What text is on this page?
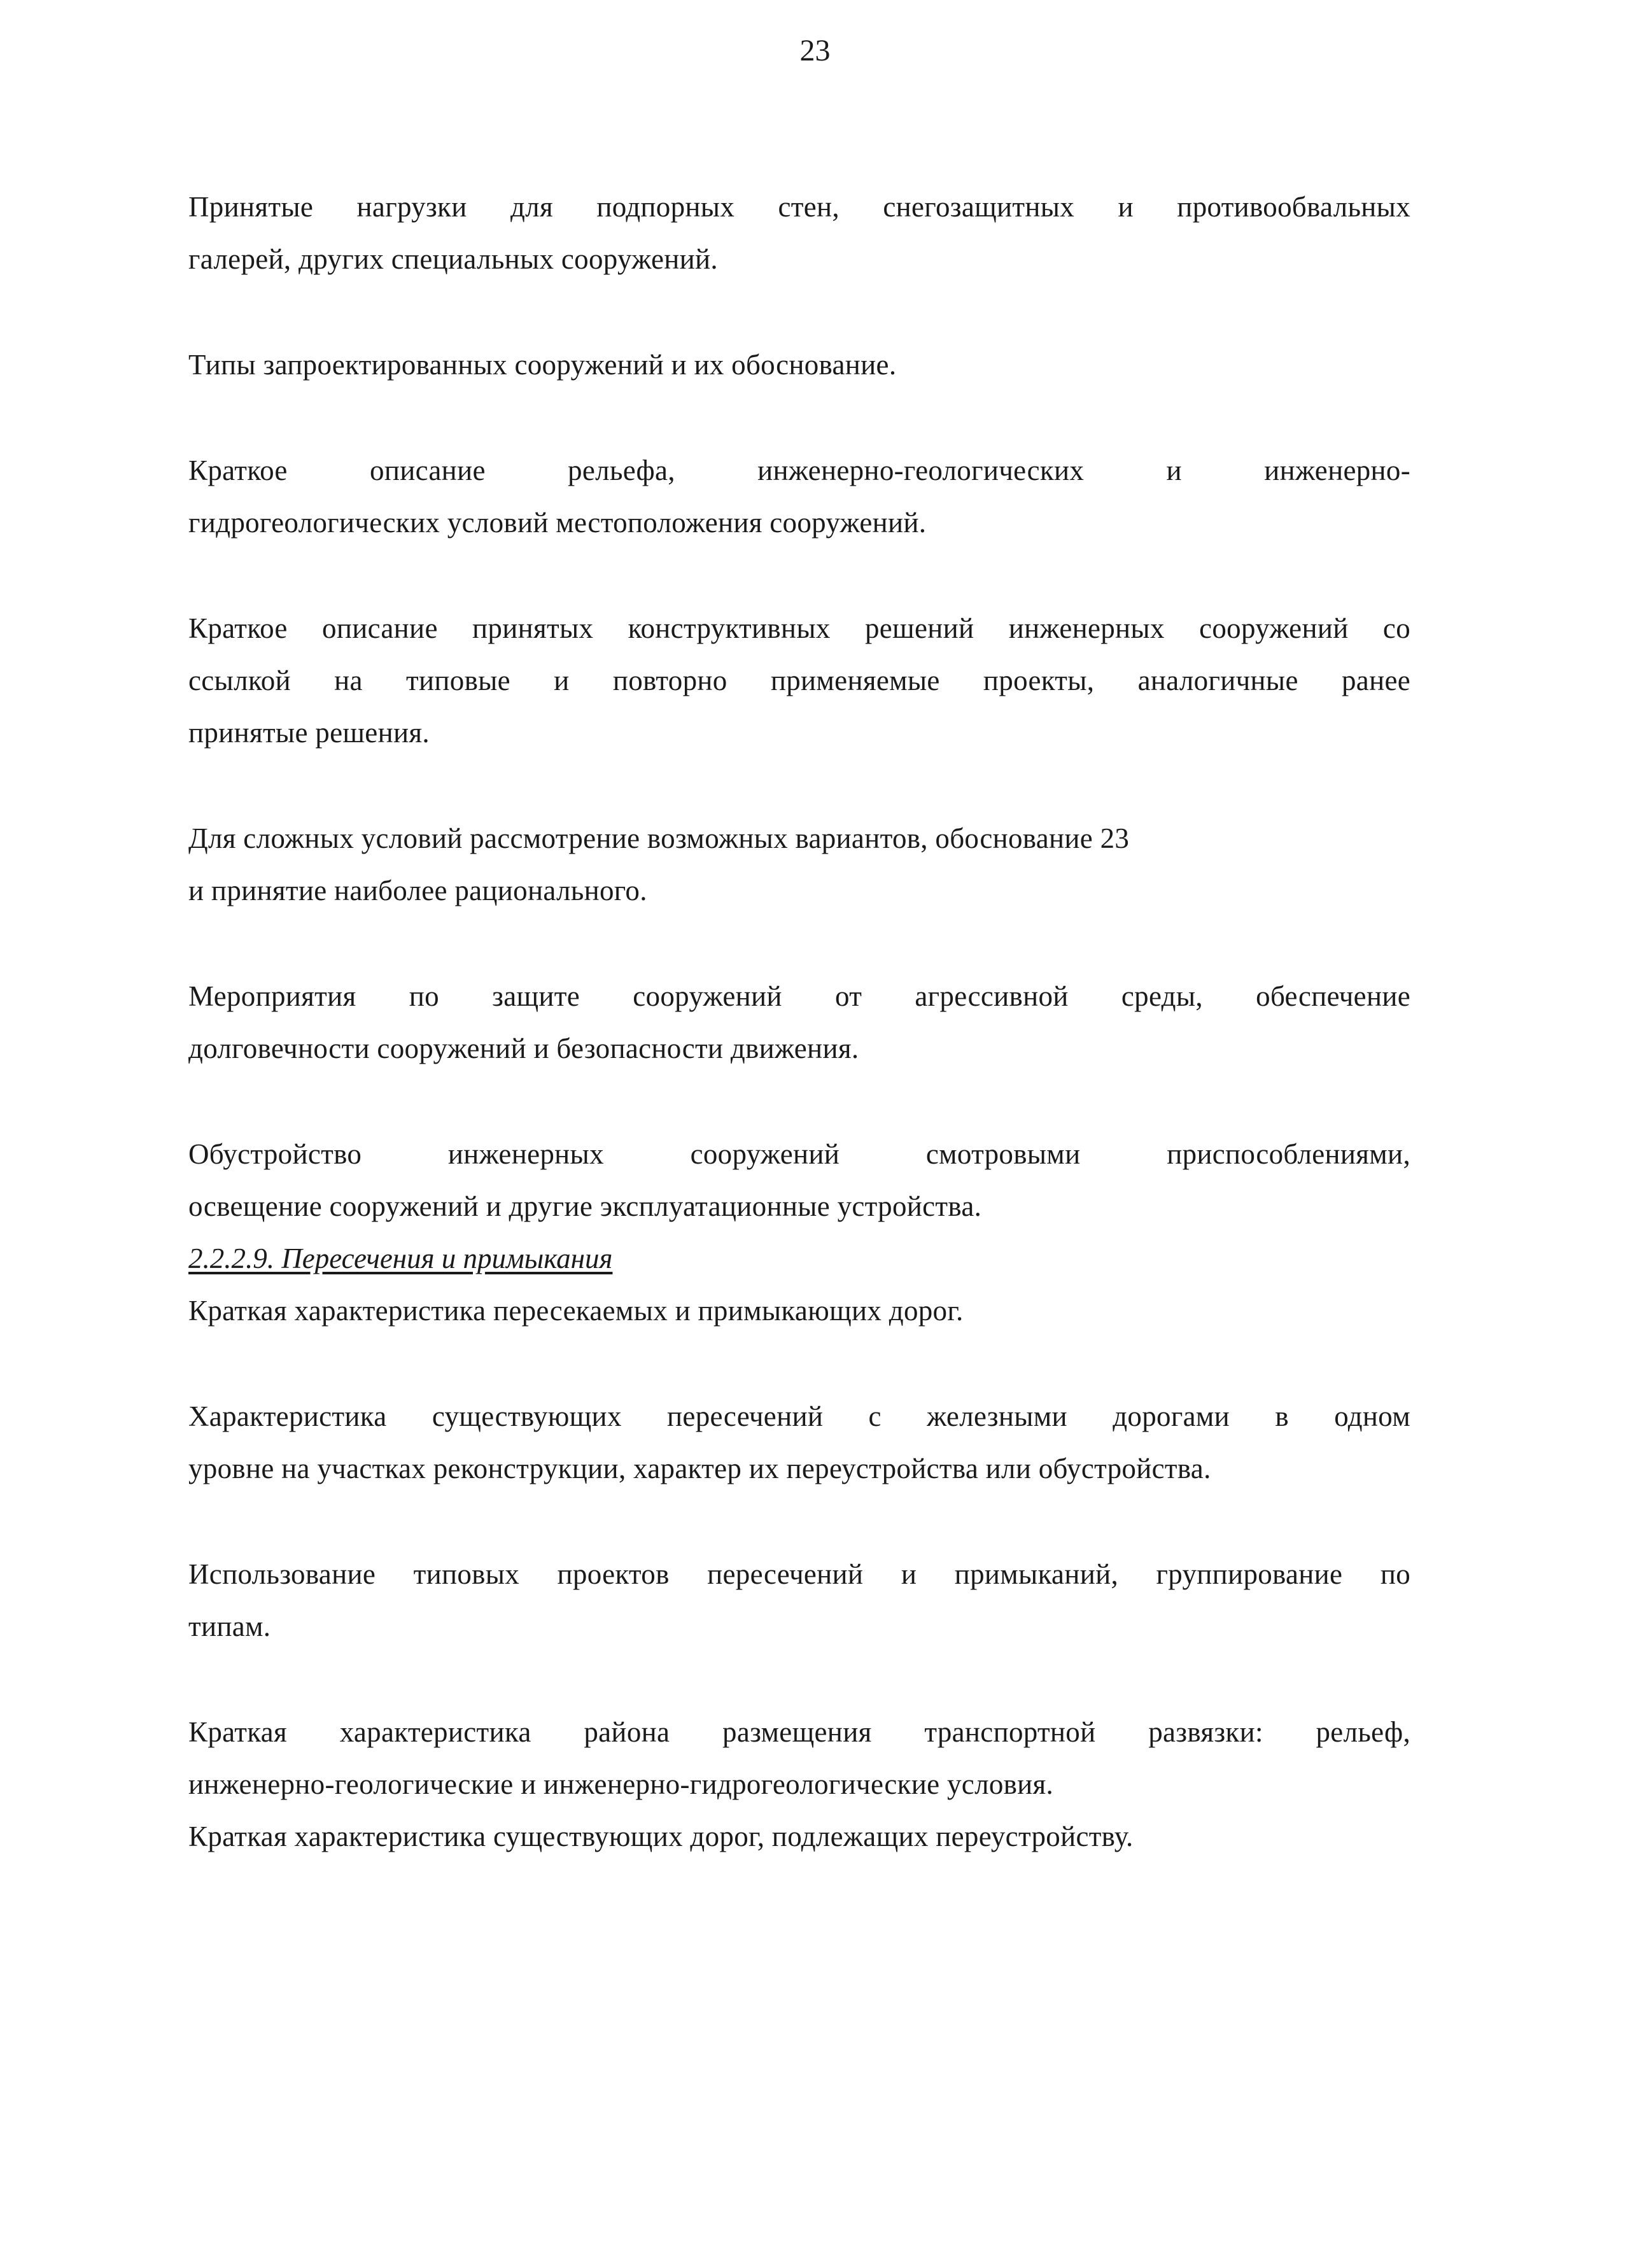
23

Принятые нагрузки для подпорных стен, снегозащитных и противообвальных
галерей, других специальных сооружений.

Типы запроектированных сооружений и их обоснование.

Краткое описание рельефа, инженерно-геологических и инженерно-
гидрогеологических условий местоположения сооружений.

Краткое описание принятых конструктивных решений инженерных сооружений со
ссылкой на типовые и повторно применяемые проекты, аналогичные ранее
принятые решения.

Для сложных условий рассмотрение возможных вариантов, обоснование 23
и принятие наиболее рационального.

Мероприятия по защите сооружений от агрессивной среды, обеспечение
долговечности сооружений и безопасности движения.

Обустройство инженерных сооружений смотровыми приспособлениями,
освещение сооружений и другие эксплуатационные устройства.

2.2.2.9. Пересечения и примыкания

Краткая характеристика пересекаемых и примыкающих дорог.

Характеристика существующих пересечений с железными дорогами в одном
уровне на участках реконструкции, характер их переустройства или обустройства.

Использование типовых проектов пересечений и примыканий, группирование по
типам.

Краткая характеристика района размещения транспортной развязки: рельеф,
инженерно-геологические и инженерно-гидрогеологические условия.
Краткая характеристика существующих дорог, подлежащих переустройству.
